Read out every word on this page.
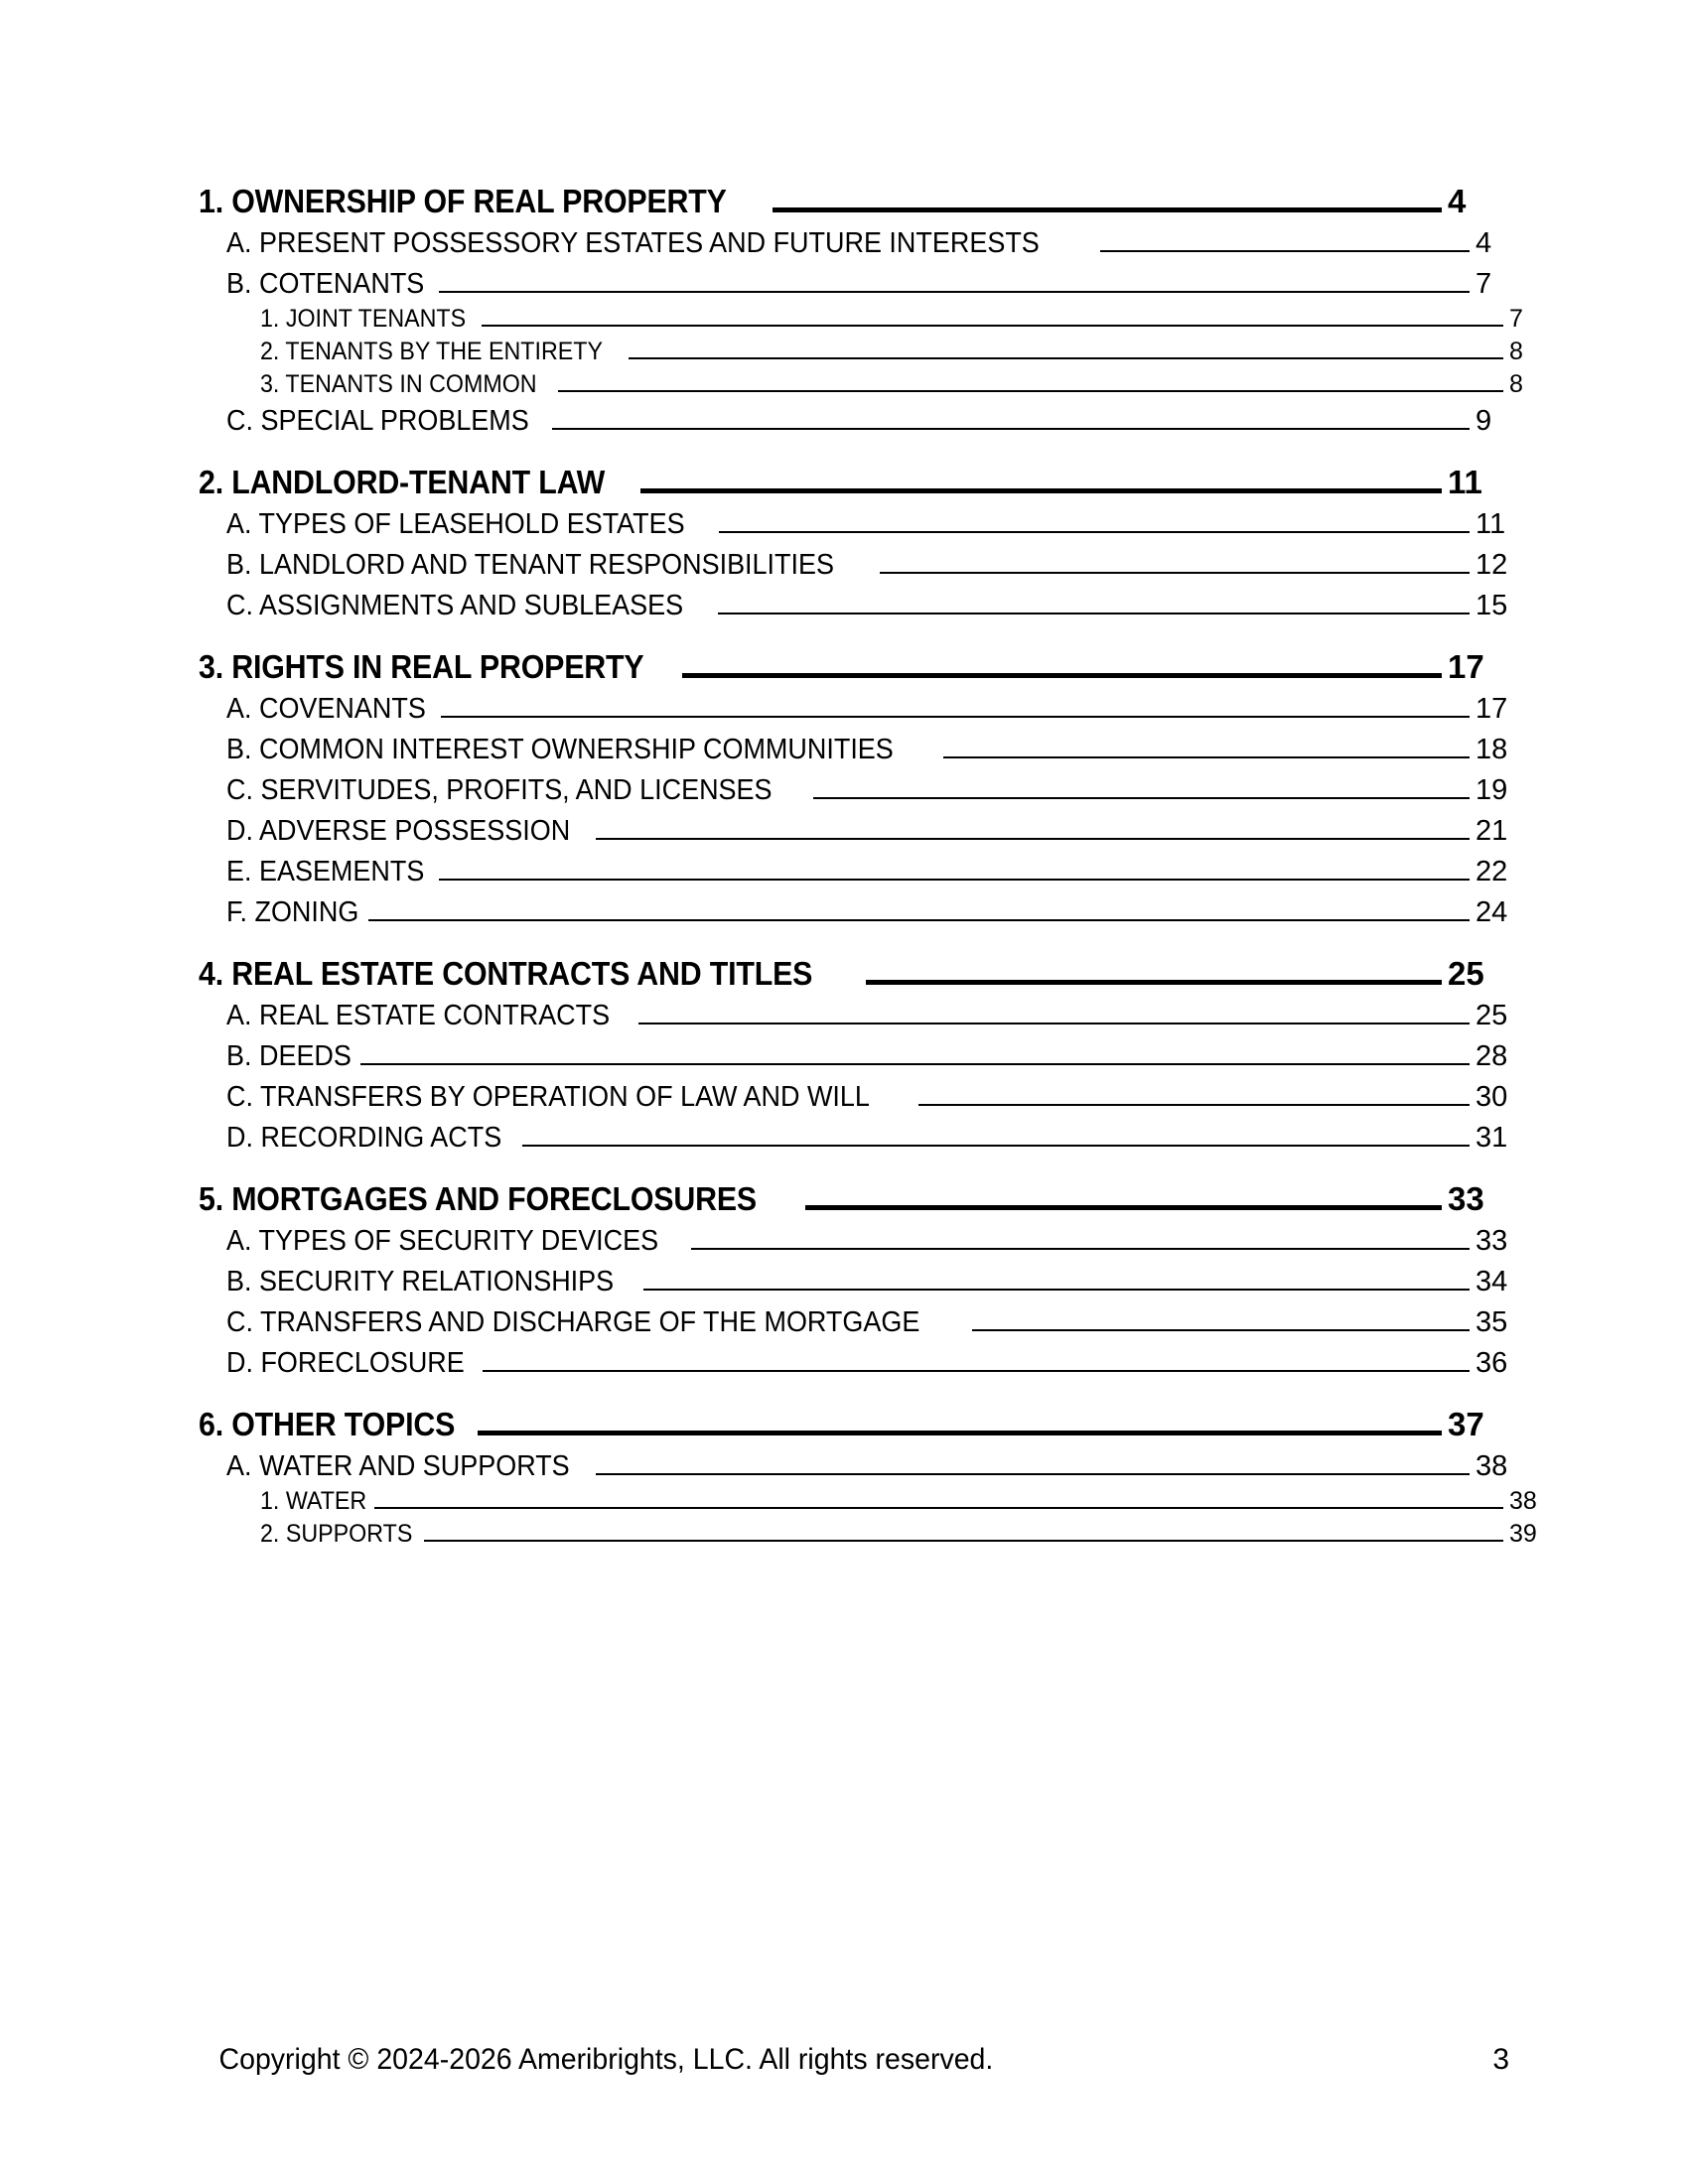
1. OWNERSHIP OF REAL PROPERTY	4
A. PRESENT POSSESSORY ESTATES AND FUTURE INTERESTS	4
B. COTENANTS	7
1. JOINT TENANTS	7
2. TENANTS BY THE ENTIRETY	8
3. TENANTS IN COMMON	8
C. SPECIAL PROBLEMS	9
2. LANDLORD-TENANT LAW	11
A. TYPES OF LEASEHOLD ESTATES	11
B. LANDLORD AND TENANT RESPONSIBILITIES	12
C. ASSIGNMENTS AND SUBLEASES	15
3. RIGHTS IN REAL PROPERTY	17
A. COVENANTS	17
B. COMMON INTEREST OWNERSHIP COMMUNITIES	18
C. SERVITUDES, PROFITS, AND LICENSES	19
D. ADVERSE POSSESSION	21
E. EASEMENTS	22
F. ZONING	24
4. REAL ESTATE CONTRACTS AND TITLES	25
A. REAL ESTATE CONTRACTS	25
B. DEEDS	28
C. TRANSFERS BY OPERATION OF LAW AND WILL	30
D. RECORDING ACTS	31
5. MORTGAGES AND FORECLOSURES	33
A. TYPES OF SECURITY DEVICES	33
B. SECURITY RELATIONSHIPS	34
C. TRANSFERS AND DISCHARGE OF THE MORTGAGE	35
D. FORECLOSURE	36
6. OTHER TOPICS	37
A. WATER AND SUPPORTS	38
1. WATER	38
2. SUPPORTS	39
Copyright © 2024-2026 Ameribrights, LLC. All rights reserved.	3
